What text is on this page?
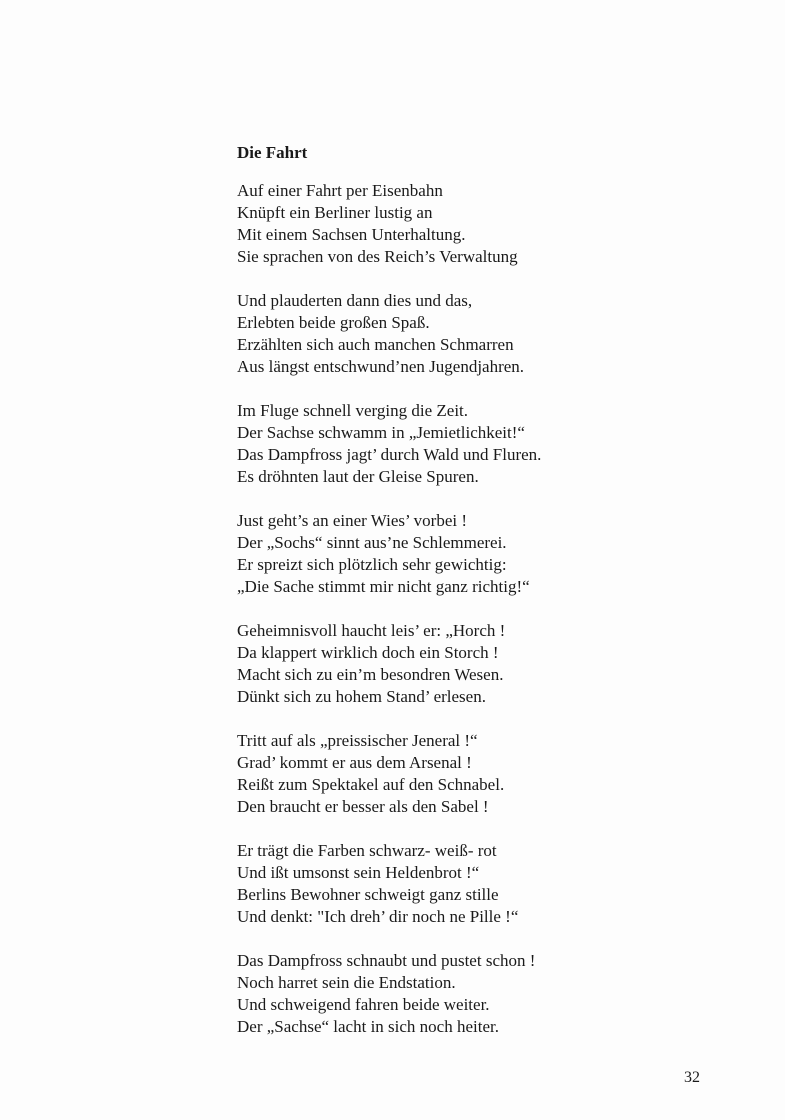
Die Fahrt
Auf einer Fahrt per Eisenbahn
Knüpft ein Berliner lustig an
Mit einem Sachsen Unterhaltung.
Sie sprachen von des Reich’s Verwaltung
Und plauderten dann dies und das,
Erlebten beide großen Spaß.
Erzählten sich auch manchen Schmarren
Aus längst entschwund’nen Jugendjahren.
Im Fluge schnell verging die Zeit.
Der Sachse schwamm in „Jemietlichkeit!“
Das Dampfross jagt’ durch Wald und Fluren.
Es dröhnten laut der Gleise Spuren.
Just geht’s an einer Wies’ vorbei !
Der „Sochs“ sinnt aus’ne Schlemmerei.
Er spreizt sich plötzlich sehr gewichtig:
„Die Sache stimmt mir nicht ganz richtig!“
Geheimnisvoll haucht leis’ er: „Horch !
Da klappert wirklich doch ein Storch !
Macht sich zu ein’m besondren Wesen.
Dünkt sich zu hohem Stand’ erlesen.
Tritt auf als „preissischer Jeneral !“
Grad’ kommt er aus dem Arsenal !
Reißt zum Spektakel auf den Schnabel.
Den braucht er besser als den Sabel !
Er trägt die Farben schwarz- weiß- rot
Und ißt umsonst sein Heldenbrot !“
Berlins Bewohner schweigt ganz stille
Und denkt: "Ich dreh’ dir noch ne Pille !“
Das Dampfross schnaubt und pustet schon !
Noch harret sein die Endstation.
Und schweigend fahren beide weiter.
Der „Sachse“ lacht in sich noch heiter.
32
